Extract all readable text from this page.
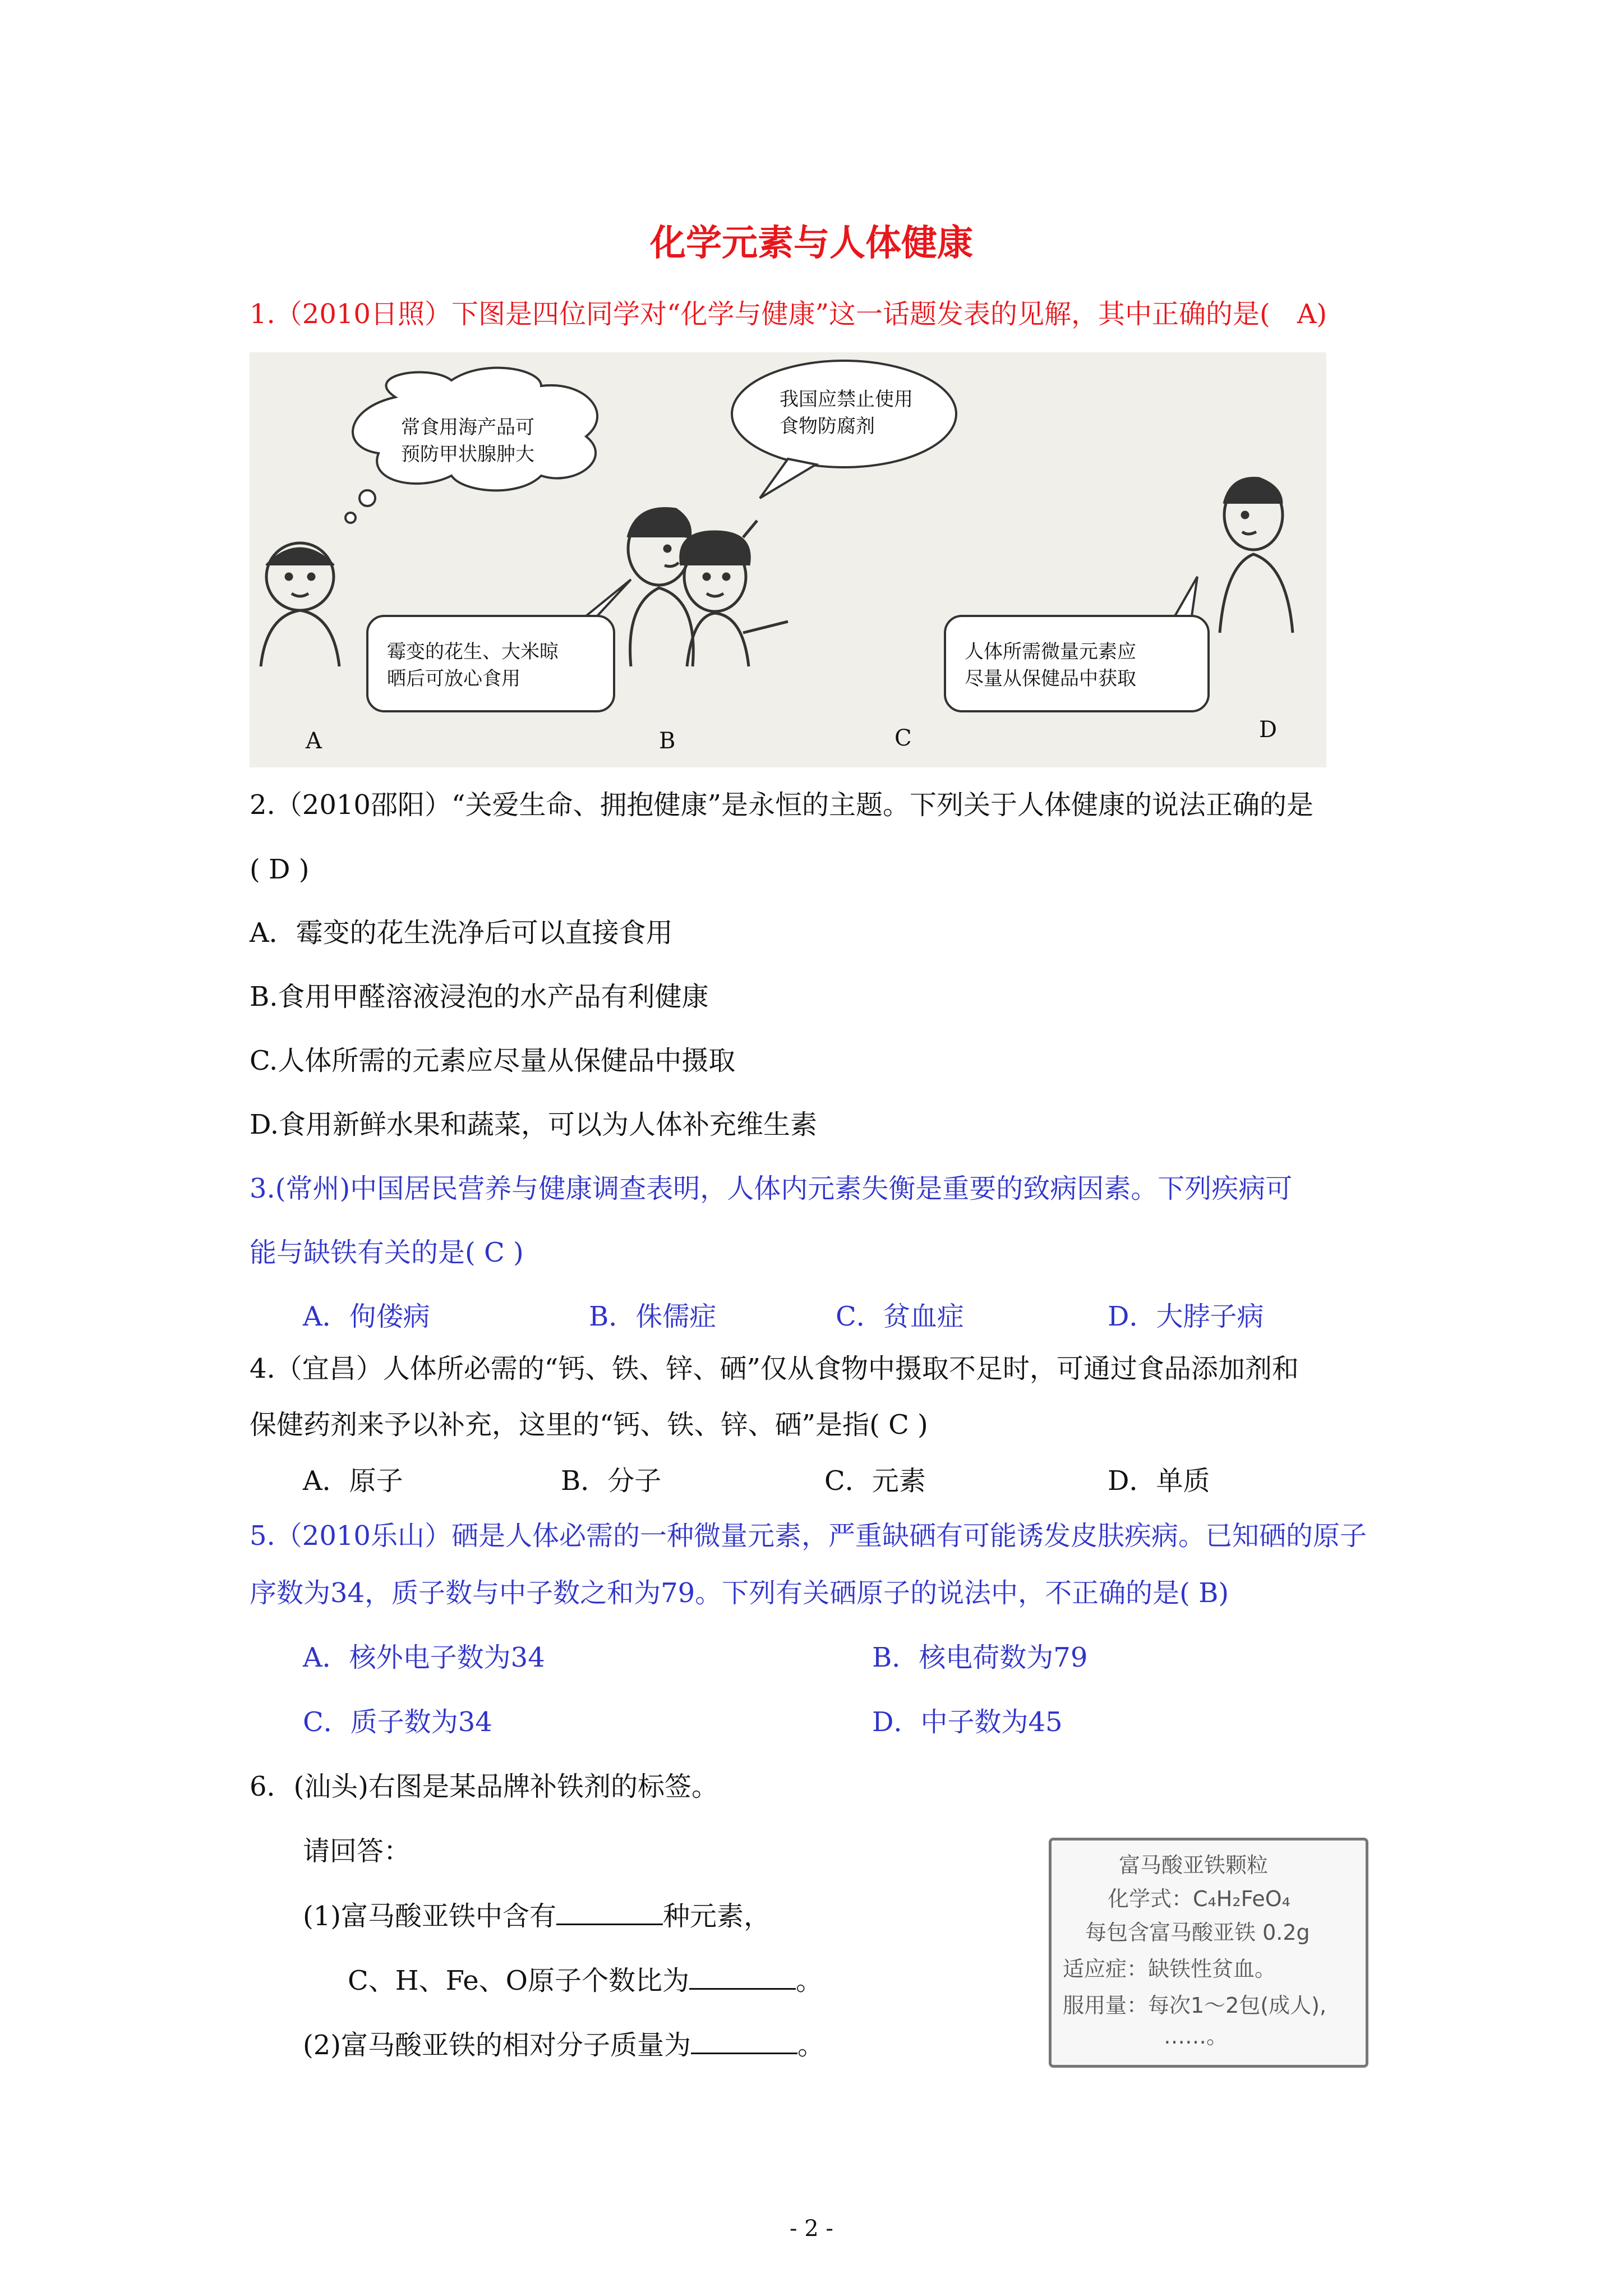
化学元素与人体健康
1.（2010日照）下图是四位同学对“化学与健康”这一话题发表的见解，其中正确的是(　A)
常食用海产品可
预防甲状腺肿大
霉变的花生、大米晾
晒后可放心食用
我国应禁止使用
食物防腐剂
人体所需微量元素应
尽量从保健品中获取
A	B	C	D
2.（2010邵阳）“关爱生命、拥抱健康”是永恒的主题。下列关于人体健康的说法正确的是
( D )
A．霉变的花生洗净后可以直接食用
B.食用甲醛溶液浸泡的水产品有利健康
C.人体所需的元素应尽量从保健品中摄取
D.食用新鲜水果和蔬菜，可以为人体补充维生素
3.(常州)中国居民营养与健康调查表明，人体内元素失衡是重要的致病因素。下列疾病可
能与缺铁有关的是( C )
A．佝偻病	B．侏儒症	C．贫血症	D．大脖子病
4.（宜昌）人体所必需的“钙、铁、锌、硒”仅从食物中摄取不足时，可通过食品添加剂和
保健药剂来予以补充，这里的“钙、铁、锌、硒”是指( C )
A．原子	B．分子	C．元素	D．单质
5.（2010乐山）硒是人体必需的一种微量元素，严重缺硒有可能诱发皮肤疾病。已知硒的原子
序数为34，质子数与中子数之和为79。下列有关硒原子的说法中，不正确的是( B)
A．核外电子数为34	B．核电荷数为79
C．质子数为34	D．中子数为45
6．(汕头)右图是某品牌补铁剂的标签。
请回答：
(1)富马酸亚铁中含有	种元素，
C、H、Fe、O原子个数比为	。
(2)富马酸亚铁的相对分子质量为	。
富马酸亚铁颗粒
化学式：C₄H₂FeO₄
每包含富马酸亚铁 0.2g
适应症：缺铁性贫血。
服用量：每次1～2包(成人),
……。
- 2 -
